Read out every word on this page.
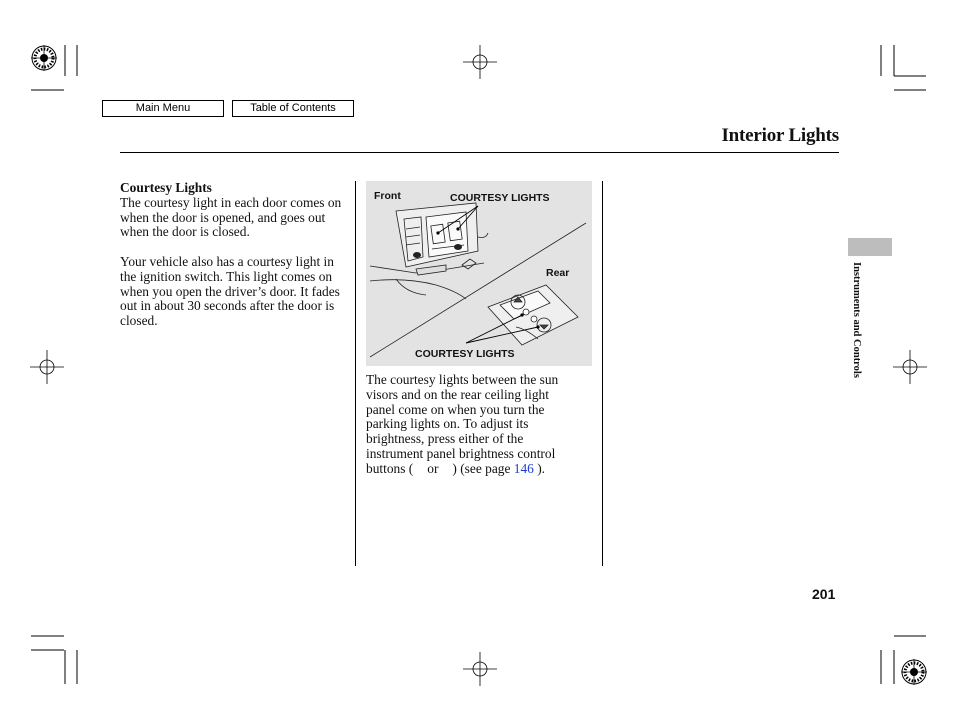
Main Menu	Table of Contents
Interior Lights
Courtesy Lights

The courtesy light in each door comes on when the door is opened, and goes out when the door is closed.

Your vehicle also has a courtesy light in the ignition switch. This light comes on when you open the driver’s door. It fades out in about 30 seconds after the door is closed.

Front	COURTESY LIGHTS
Rear
COURTESY LIGHTS
The courtesy lights between the sun
visors and on the rear ceiling light
panel come on when you turn the
parking lights on. To adjust its
brightness, press either of the
instrument panel brightness control
buttons ( or ) (see page 146 ).
Instruments and Controls
201
